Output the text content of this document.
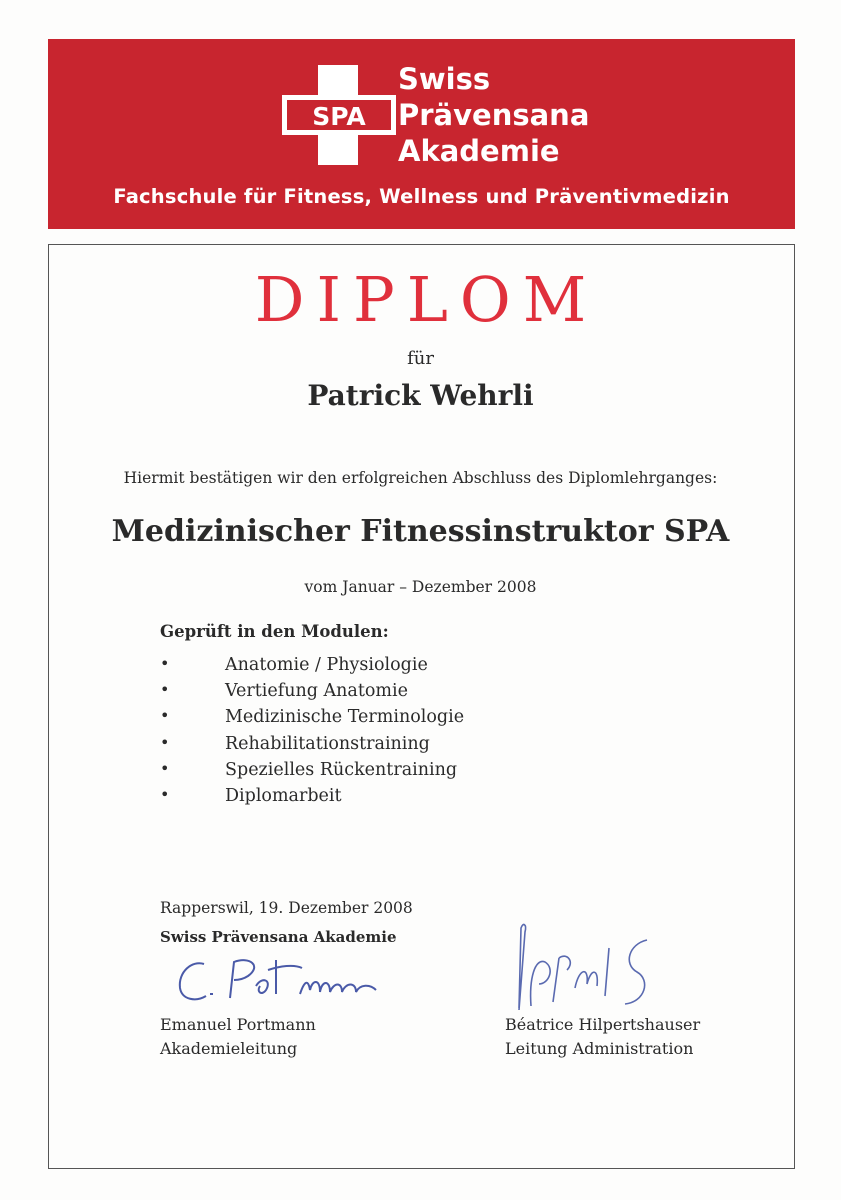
SPA
Swiss
Prävensana
Akademie
Fachschule für Fitness, Wellness und Präventivmedizin
DIPLOM
für
Patrick Wehrli
Hiermit bestätigen wir den erfolgreichen Abschluss des Diplomlehrganges:
Medizinischer Fitnessinstruktor SPA
vom Januar – Dezember 2008
Geprüft in den Modulen:
•	Anatomie / Physiologie
•	Vertiefung Anatomie
•	Medizinische Terminologie
•	Rehabilitationstraining
•	Spezielles Rückentraining
•	Diplomarbeit
Rapperswil, 19. Dezember 2008
Swiss Prävensana Akademie
Emanuel Portmann
Akademieleitung
Béatrice Hilpertshauser
Leitung Administration
